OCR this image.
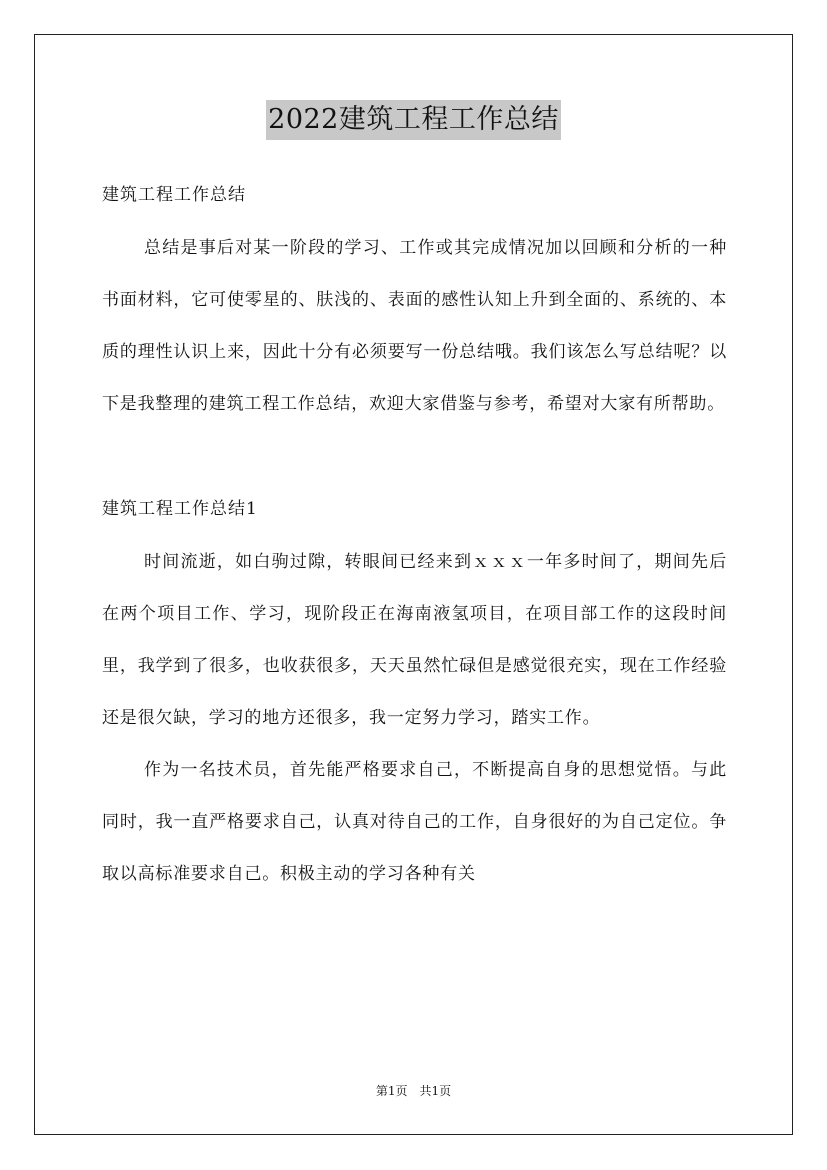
2022建筑工程工作总结

建筑工程工作总结

总结是事后对某一阶段的学习、工作或其完成情况加以回顾和分析的一种书面材料，它可使零星的、肤浅的、表面的感性认知上升到全面的、系统的、本质的理性认识上来，因此十分有必须要写一份总结哦。我们该怎么写总结呢？以下是我整理的建筑工程工作总结，欢迎大家借鉴与参考，希望对大家有所帮助。

建筑工程工作总结1

时间流逝，如白驹过隙，转眼间已经来到ｘｘｘ一年多时间了，期间先后在两个项目工作、学习，现阶段正在海南液氢项目，在项目部工作的这段时间里，我学到了很多，也收获很多，天天虽然忙碌但是感觉很充实，现在工作经验还是很欠缺，学习的地方还很多，我一定努力学习，踏实工作。

作为一名技术员，首先能严格要求自己，不断提高自身的思想觉悟。与此同时，我一直严格要求自己，认真对待自己的工作，自身很好的为自己定位。争取以高标准要求自己。积极主动的学习各种有关

第1页　共1页
